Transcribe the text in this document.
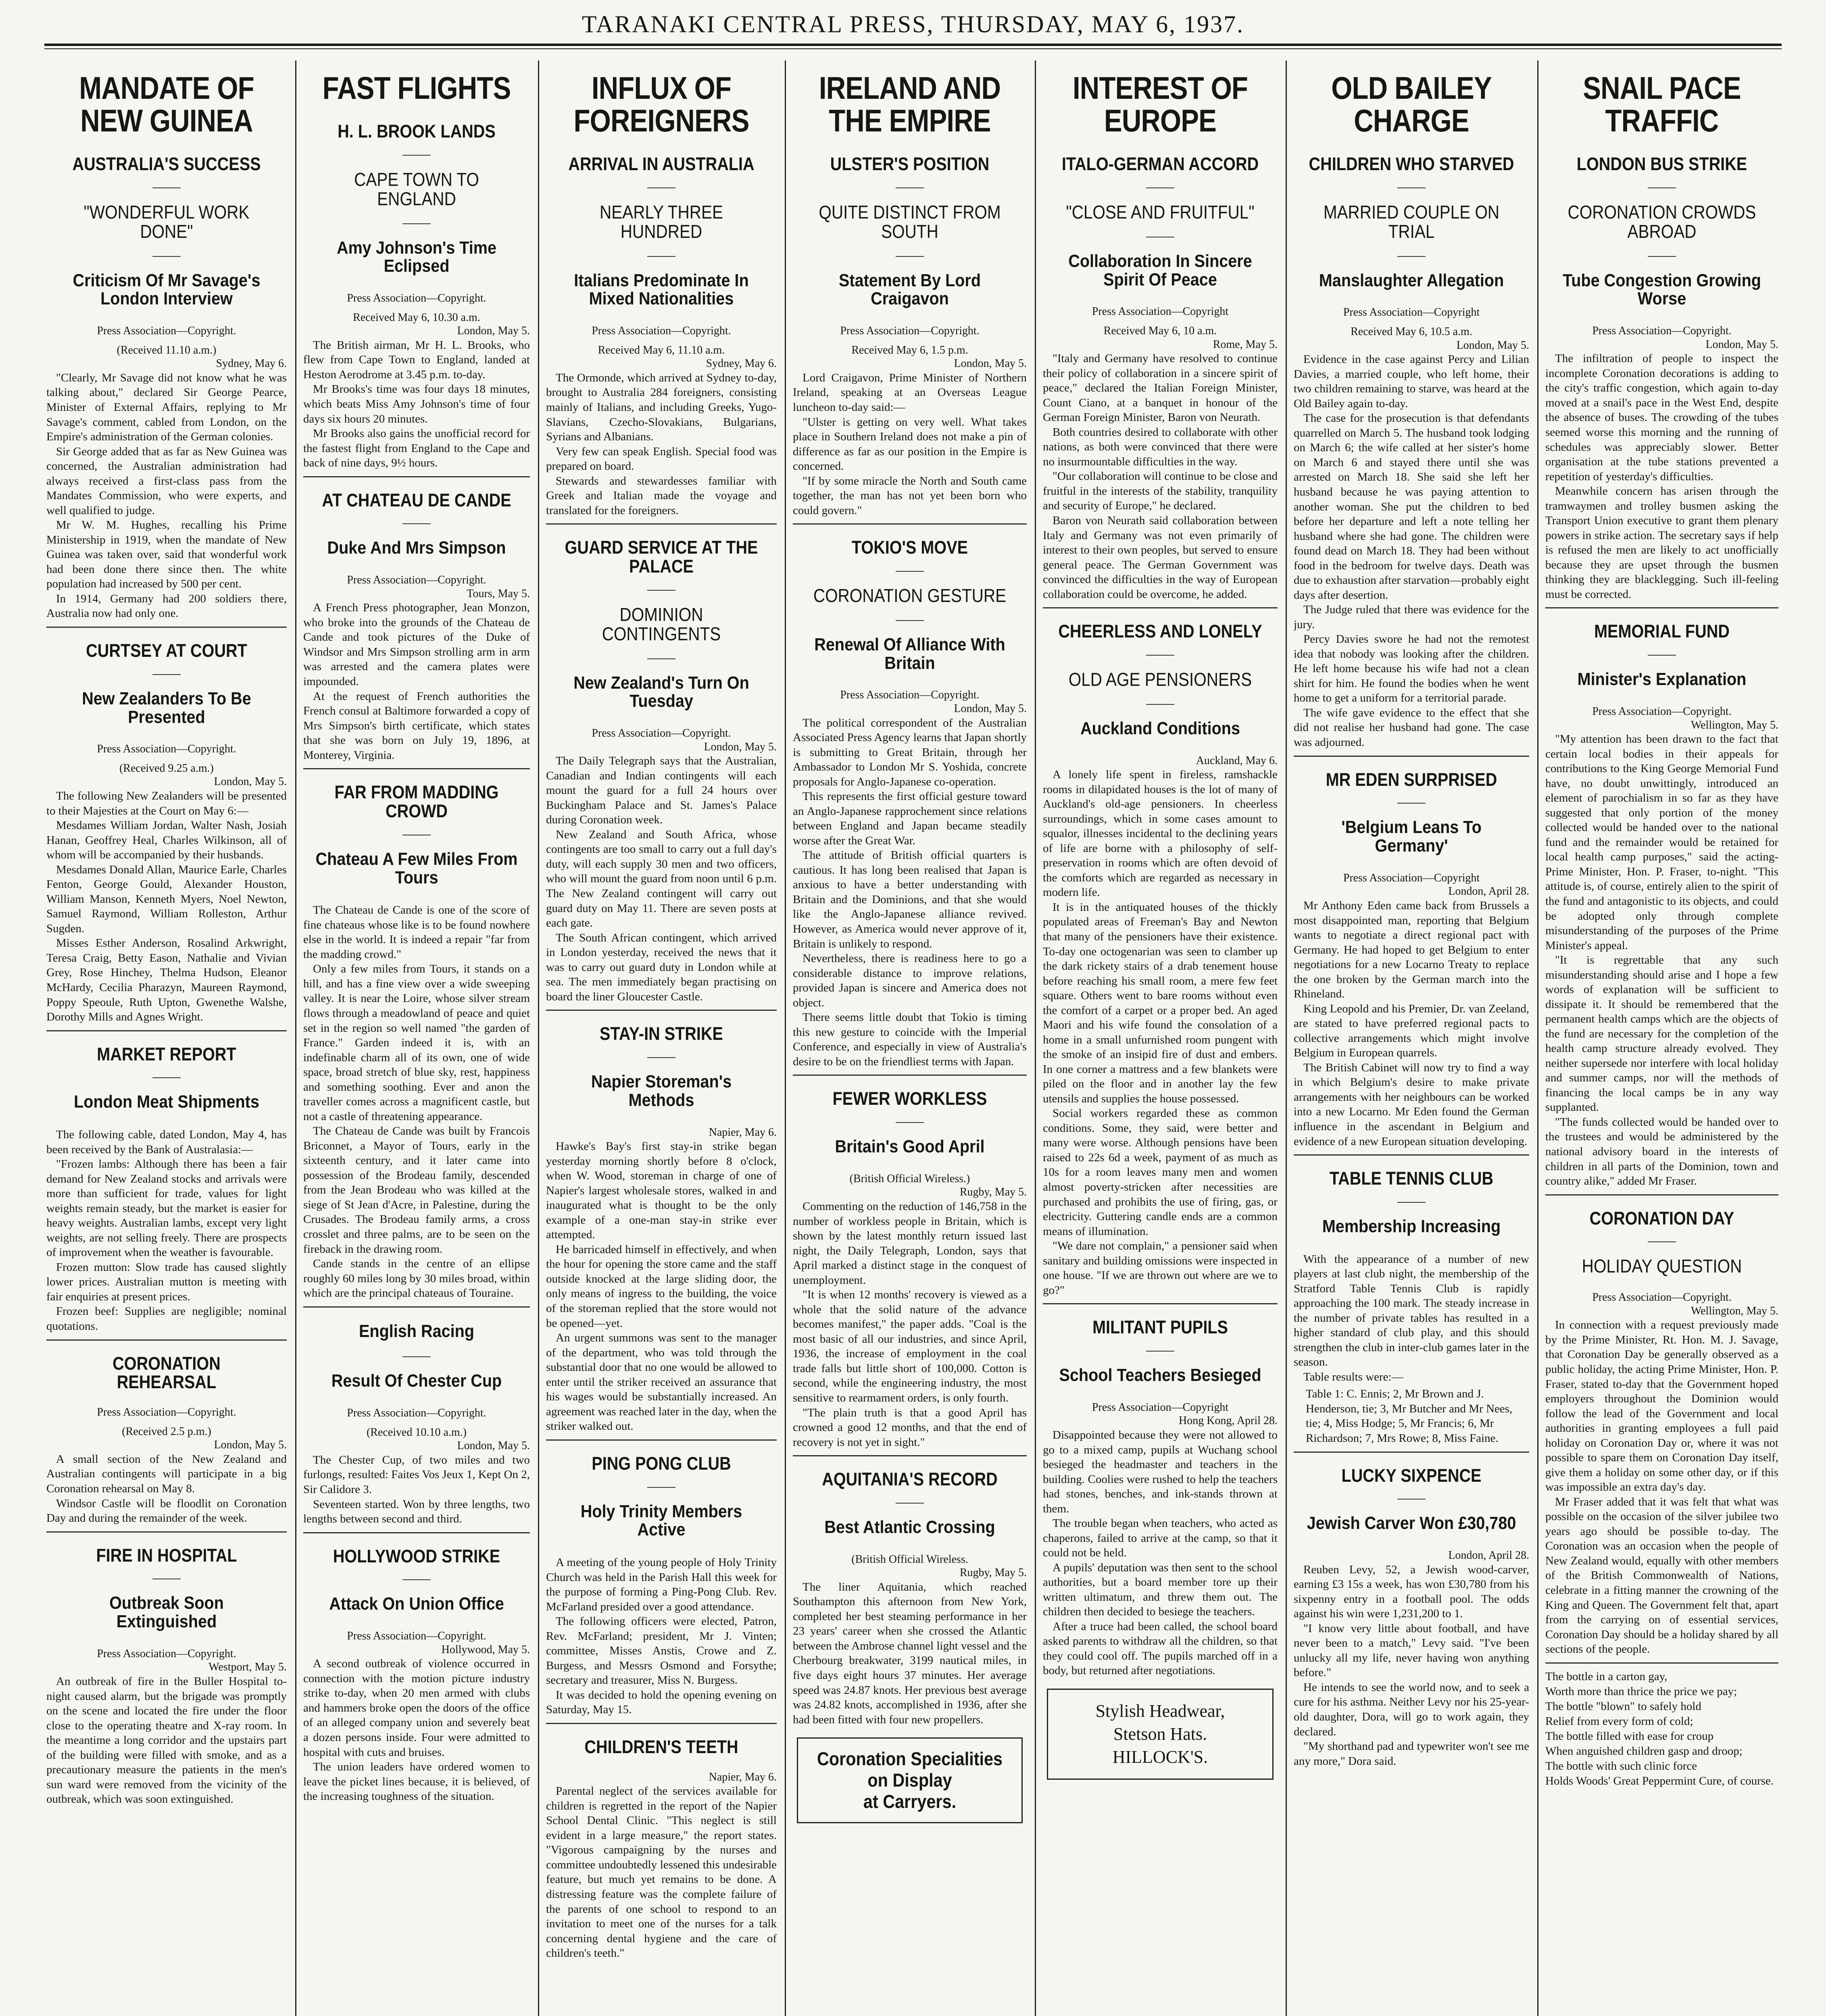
TARANAKI CENTRAL PRESS, THURSDAY, MAY 6, 1937.
MANDATE OF NEW GUINEA
AUSTRALIA'S SUCCESS
"WONDERFUL WORK DONE"
Criticism Of Mr Savage's London Interview
Press Association—Copyright.
(Received 11.10 a.m.)
Sydney, May 6.

"Clearly, Mr Savage did not know what he was talking about," declared Sir George Pearce, Minister of External Affairs, replying to Mr Savage's comment, cabled from London, on the Empire's administration of the German colonies.

Sir George added that as far as New Guinea was concerned, the Australian administration had always received a first-class pass from the Mandates Commission, who were experts, and well qualified to judge.

Mr W. M. Hughes, recalling his Prime Ministership in 1919, when the mandate of New Guinea was taken over, said that wonderful work had been done there since then. The white population had increased by 500 per cent.

In 1914, Germany had 200 soldiers there, Australia now had only one.

CURTSEY AT COURT
New Zealanders To Be Presented
Press Association—Copyright.
(Received 9.25 a.m.)
London, May 5.

The following New Zealanders will be presented to their Majesties at the Court on May 6:—

Mesdames William Jordan, Walter Nash, Josiah Hanan, Geoffrey Heal, Charles Wilkinson, all of whom will be accompanied by their husbands.

Mesdames Donald Allan, Maurice Earle, Charles Fenton, George Gould, Alexander Houston, William Manson, Kenneth Myers, Noel Newton, Samuel Raymond, William Rolleston, Arthur Sugden.

Misses Esther Anderson, Rosalind Arkwright, Teresa Craig, Betty Eason, Nathalie and Vivian Grey, Rose Hinchey, Thelma Hudson, Eleanor McHardy, Cecilia Pharazyn, Maureen Raymond, Poppy Speoule, Ruth Upton, Gwenethe Walshe, Dorothy Mills and Agnes Wright.

MARKET REPORT
London Meat Shipments

The following cable, dated London, May 4, has been received by the Bank of Australasia:—

"Frozen lambs: Although there has been a fair demand for New Zealand stocks and arrivals were more than sufficient for trade, values for light weights remain steady, but the market is easier for heavy weights. Australian lambs, except very light weights, are not selling freely. There are prospects of improvement when the weather is favourable.

Frozen mutton: Slow trade has caused slightly lower prices. Australian mutton is meeting with fair enquiries at present prices.

Frozen beef: Supplies are negligible; nominal quotations.

CORONATION REHEARSAL
Press Association—Copyright.
(Received 2.5 p.m.)
London, May 5.

A small section of the New Zealand and Australian contingents will participate in a big Coronation rehearsal on May 8.

Windsor Castle will be floodlit on Coronation Day and during the remainder of the week.

FIRE IN HOSPITAL
Outbreak Soon Extinguished
Press Association—Copyright.
Westport, May 5.

An outbreak of fire in the Buller Hospital to-night caused alarm, but the brigade was promptly on the scene and located the fire under the floor close to the operating theatre and X-ray room. In the meantime a long corridor and the upstairs part of the building were filled with smoke, and as a precautionary measure the patients in the men's sun ward were removed from the vicinity of the outbreak, which was soon extinguished.

FAST FLIGHTS
H. L. BROOK LANDS
CAPE TOWN TO ENGLAND
Amy Johnson's Time Eclipsed
Press Association—Copyright.
Received May 6, 10.30 a.m.
London, May 5.

The British airman, Mr H. L. Brooks, who flew from Cape Town to England, landed at Heston Aerodrome at 3.45 p.m. to-day.

Mr Brooks's time was four days 18 minutes, which beats Miss Amy Johnson's time of four days six hours 20 minutes.

Mr Brooks also gains the unofficial record for the fastest flight from England to the Cape and back of nine days, 9½ hours.

AT CHATEAU DE CANDE
Duke And Mrs Simpson
Press Association—Copyright.
Tours, May 5.

A French Press photographer, Jean Monzon, who broke into the grounds of the Chateau de Cande and took pictures of the Duke of Windsor and Mrs Simpson strolling arm in arm was arrested and the camera plates were impounded.

At the request of French authorities the French consul at Baltimore forwarded a copy of Mrs Simpson's birth certificate, which states that she was born on July 19, 1896, at Monterey, Virginia.

FAR FROM MADDING CROWD
Chateau A Few Miles From Tours

The Chateau de Cande is one of the score of fine chateaus whose like is to be found nowhere else in the world. It is indeed a repair "far from the madding crowd."

Only a few miles from Tours, it stands on a hill, and has a fine view over a wide sweeping valley. It is near the Loire, whose silver stream flows through a meadowland of peace and quiet set in the region so well named "the garden of France." Garden indeed it is, with an indefinable charm all of its own, one of wide space, broad stretch of blue sky, rest, happiness and something soothing. Ever and anon the traveller comes across a magnificent castle, but not a castle of threatening appearance.

The Chateau de Cande was built by Francois Briconnet, a Mayor of Tours, early in the sixteenth century, and it later came into possession of the Brodeau family, descended from the Jean Brodeau who was killed at the siege of St Jean d'Acre, in Palestine, during the Crusades. The Brodeau family arms, a cross crosslet and three palms, are to be seen on the fireback in the drawing room.

Cande stands in the centre of an ellipse roughly 60 miles long by 30 miles broad, within which are the principal chateaus of Touraine.

English Racing
Result Of Chester Cup
Press Association—Copyright.
(Received 10.10 a.m.)
London, May 5.

The Chester Cup, of two miles and two furlongs, resulted: Faites Vos Jeux 1, Kept On 2, Sir Calidore 3.

Seventeen started. Won by three lengths, two lengths between second and third.

HOLLYWOOD STRIKE
Attack On Union Office
Press Association—Copyright.
Hollywood, May 5.

A second outbreak of violence occurred in connection with the motion picture industry strike to-day, when 20 men armed with clubs and hammers broke open the doors of the office of an alleged company union and severely beat a dozen persons inside. Four were admitted to hospital with cuts and bruises.

The union leaders have ordered women to leave the picket lines because, it is believed, of the increasing toughness of the situation.

INFLUX OF FOREIGNERS
ARRIVAL IN AUSTRALIA
NEARLY THREE HUNDRED
Italians Predominate In Mixed Nationalities
Press Association—Copyright.
Received May 6, 11.10 a.m.
Sydney, May 6.

The Ormonde, which arrived at Sydney to-day, brought to Australia 284 foreigners, consisting mainly of Italians, and including Greeks, Yugo-Slavians, Czecho-Slovakians, Bulgarians, Syrians and Albanians.

Very few can speak English. Special food was prepared on board.

Stewards and stewardesses familiar with Greek and Italian made the voyage and translated for the foreigners.

GUARD SERVICE AT THE PALACE
DOMINION CONTINGENTS
New Zealand's Turn On Tuesday
Press Association—Copyright.
London, May 5.

The Daily Telegraph says that the Australian, Canadian and Indian contingents will each mount the guard for a full 24 hours over Buckingham Palace and St. James's Palace during Coronation week.

New Zealand and South Africa, whose contingents are too small to carry out a full day's duty, will each supply 30 men and two officers, who will mount the guard from noon until 6 p.m. The New Zealand contingent will carry out guard duty on May 11. There are seven posts at each gate.

The South African contingent, which arrived in London yesterday, received the news that it was to carry out guard duty in London while at sea. The men immediately began practising on board the liner Gloucester Castle.

STAY-IN STRIKE
Napier Storeman's Methods
Napier, May 6.

Hawke's Bay's first stay-in strike began yesterday morning shortly before 8 o'clock, when W. Wood, storeman in charge of one of Napier's largest wholesale stores, walked in and inaugurated what is thought to be the only example of a one-man stay-in strike ever attempted.

He barricaded himself in effectively, and when the hour for opening the store came and the staff outside knocked at the large sliding door, the only means of ingress to the building, the voice of the storeman replied that the store would not be opened—yet.

An urgent summons was sent to the manager of the department, who was told through the substantial door that no one would be allowed to enter until the striker received an assurance that his wages would be substantially increased. An agreement was reached later in the day, when the striker walked out.

PING PONG CLUB
Holy Trinity Members Active

A meeting of the young people of Holy Trinity Church was held in the Parish Hall this week for the purpose of forming a Ping-Pong Club. Rev. McFarland presided over a good attendance.

The following officers were elected, Patron, Rev. McFarland; president, Mr J. Vinten; committee, Misses Anstis, Crowe and Z. Burgess, and Messrs Osmond and Forsythe; secretary and treasurer, Miss N. Burgess.

It was decided to hold the opening evening on Saturday, May 15.

CHILDREN'S TEETH
Napier, May 6.

Parental neglect of the services available for children is regretted in the report of the Napier School Dental Clinic. "This neglect is still evident in a large measure," the report states. "Vigorous campaigning by the nurses and committee undoubtedly lessened this undesirable feature, but much yet remains to be done. A distressing feature was the complete failure of the parents of one school to respond to an invitation to meet one of the nurses for a talk concerning dental hygiene and the care of children's teeth."

IRELAND AND THE EMPIRE
ULSTER'S POSITION
QUITE DISTINCT FROM SOUTH
Statement By Lord Craigavon
Press Association—Copyright.
Received May 6, 1.5 p.m.
London, May 5.

Lord Craigavon, Prime Minister of Northern Ireland, speaking at an Overseas League luncheon to-day said:—

"Ulster is getting on very well. What takes place in Southern Ireland does not make a pin of difference as far as our position in the Empire is concerned.

"If by some miracle the North and South came together, the man has not yet been born who could govern."

TOKIO'S MOVE
CORONATION GESTURE
Renewal Of Alliance With Britain
Press Association—Copyright.
London, May 5.

The political correspondent of the Australian Associated Press Agency learns that Japan shortly is submitting to Great Britain, through her Ambassador to London Mr S. Yoshida, concrete proposals for Anglo-Japanese co-operation.

This represents the first official gesture toward an Anglo-Japanese rapprochement since relations between England and Japan became steadily worse after the Great War.

The attitude of British official quarters is cautious. It has long been realised that Japan is anxious to have a better understanding with Britain and the Dominions, and that she would like the Anglo-Japanese alliance revived. However, as America would never approve of it, Britain is unlikely to respond.

Nevertheless, there is readiness here to go a considerable distance to improve relations, provided Japan is sincere and America does not object.

There seems little doubt that Tokio is timing this new gesture to coincide with the Imperial Conference, and especially in view of Australia's desire to be on the friendliest terms with Japan.

FEWER WORKLESS
Britain's Good April
(British Official Wireless.)
Rugby, May 5.

Commenting on the reduction of 146,758 in the number of workless people in Britain, which is shown by the latest monthly return issued last night, the Daily Telegraph, London, says that April marked a distinct stage in the conquest of unemployment.

"It is when 12 months' recovery is viewed as a whole that the solid nature of the advance becomes manifest," the paper adds. "Coal is the most basic of all our industries, and since April, 1936, the increase of employment in the coal trade falls but little short of 100,000. Cotton is second, while the engineering industry, the most sensitive to rearmament orders, is only fourth.

"The plain truth is that a good April has crowned a good 12 months, and that the end of recovery is not yet in sight."

AQUITANIA'S RECORD
Best Atlantic Crossing
(British Official Wireless.
Rugby, May 5.

The liner Aquitania, which reached Southampton this afternoon from New York, completed her best steaming performance in her 23 years' career when she crossed the Atlantic between the Ambrose channel light vessel and the Cherbourg breakwater, 3199 nautical miles, in five days eight hours 37 minutes. Her average speed was 24.87 knots. Her previous best average was 24.82 knots, accomplished in 1936, after she had been fitted with four new propellers.

Coronation Specialities on Display
at Carryers.
INTEREST OF EUROPE
ITALO-GERMAN ACCORD
"CLOSE AND FRUITFUL"
Collaboration In Sincere Spirit Of Peace
Press Association—Copyright
Received May 6, 10 a.m.
Rome, May 5.

"Italy and Germany have resolved to continue their policy of collaboration in a sincere spirit of peace," declared the Italian Foreign Minister, Count Ciano, at a banquet in honour of the German Foreign Minister, Baron von Neurath.

Both countries desired to collaborate with other nations, as both were convinced that there were no insurmountable difficulties in the way.

"Our collaboration will continue to be close and fruitful in the interests of the stability, tranquility and security of Europe," he declared.

Baron von Neurath said collaboration between Italy and Germany was not even primarily of interest to their own peoples, but served to ensure general peace. The German Government was convinced the difficulties in the way of European collaboration could be overcome, he added.

CHEERLESS AND LONELY
OLD AGE PENSIONERS
Auckland Conditions
Auckland, May 6.

A lonely life spent in fireless, ramshackle rooms in dilapidated houses is the lot of many of Auckland's old-age pensioners. In cheerless surroundings, which in some cases amount to squalor, illnesses incidental to the declining years of life are borne with a philosophy of self-preservation in rooms which are often devoid of the comforts which are regarded as necessary in modern life.

It is in the antiquated houses of the thickly populated areas of Freeman's Bay and Newton that many of the pensioners have their existence. To-day one octogenarian was seen to clamber up the dark rickety stairs of a drab tenement house before reaching his small room, a mere few feet square. Others went to bare rooms without even the comfort of a carpet or a proper bed. An aged Maori and his wife found the consolation of a home in a small unfurnished room pungent with the smoke of an insipid fire of dust and embers. In one corner a mattress and a few blankets were piled on the floor and in another lay the few utensils and supplies the house possessed.

Social workers regarded these as common conditions. Some, they said, were better and many were worse. Although pensions have been raised to 22s 6d a week, payment of as much as 10s for a room leaves many men and women almost poverty-stricken after necessities are purchased and prohibits the use of firing, gas, or electricity. Guttering candle ends are a common means of illumination.

"We dare not complain," a pensioner said when sanitary and building omissions were inspected in one house. "If we are thrown out where are we to go?"

MILITANT PUPILS
School Teachers Besieged
Press Association—Copyright
Hong Kong, April 28.

Disappointed because they were not allowed to go to a mixed camp, pupils at Wuchang school besieged the headmaster and teachers in the building. Coolies were rushed to help the teachers had stones, benches, and ink-stands thrown at them.

The trouble began when teachers, who acted as chaperons, failed to arrive at the camp, so that it could not be held.

A pupils' deputation was then sent to the school authorities, but a board member tore up their written ultimatum, and threw them out. The children then decided to besiege the teachers.

After a truce had been called, the school board asked parents to withdraw all the children, so that they could cool off. The pupils marched off in a body, but returned after negotiations.

Stylish Headwear,
Stetson Hats.
HILLOCK'S.
OLD BAILEY CHARGE
CHILDREN WHO STARVED
MARRIED COUPLE ON TRIAL
Manslaughter Allegation
Press Association—Copyright
Received May 6, 10.5 a.m.
London, May 5.

Evidence in the case against Percy and Lilian Davies, a married couple, who left home, their two children remaining to starve, was heard at the Old Bailey again to-day.

The case for the prosecution is that defendants quarrelled on March 5. The husband took lodging on March 6; the wife called at her sister's home on March 6 and stayed there until she was arrested on March 18. She said she left her husband because he was paying attention to another woman. She put the children to bed before her departure and left a note telling her husband where she had gone. The children were found dead on March 18. They had been without food in the bedroom for twelve days. Death was due to exhaustion after starvation—probably eight days after desertion.

The Judge ruled that there was evidence for the jury.

Percy Davies swore he had not the remotest idea that nobody was looking after the children. He left home because his wife had not a clean shirt for him. He found the bodies when he went home to get a uniform for a territorial parade.

The wife gave evidence to the effect that she did not realise her husband had gone. The case was adjourned.

MR EDEN SURPRISED
'Belgium Leans To Germany'
Press Association—Copyright
London, April 28.

Mr Anthony Eden came back from Brussels a most disappointed man, reporting that Belgium wants to negotiate a direct regional pact with Germany. He had hoped to get Belgium to enter negotiations for a new Locarno Treaty to replace the one broken by the German march into the Rhineland.

King Leopold and his Premier, Dr. van Zeeland, are stated to have preferred regional pacts to collective arrangements which might involve Belgium in European quarrels.

The British Cabinet will now try to find a way in which Belgium's desire to make private arrangements with her neighbours can be worked into a new Locarno. Mr Eden found the German influence in the ascendant in Belgium and evidence of a new European situation developing.

TABLE TENNIS CLUB
Membership Increasing

With the appearance of a number of new players at last club night, the membership of the Stratford Table Tennis Club is rapidly approaching the 100 mark. The steady increase in the number of private tables has resulted in a higher standard of club play, and this should strengthen the club in inter-club games later in the season.

Table results were:—

Table 1: C. Ennis; 2, Mr Brown and J. Henderson, tie; 3, Mr Butcher and Mr Nees, tie; 4, Miss Hodge; 5, Mr Francis; 6, Mr Richardson; 7, Mrs Rowe; 8, Miss Faine.
LUCKY SIXPENCE
Jewish Carver Won £30,780
London, April 28.

Reuben Levy, 52, a Jewish wood-carver, earning £3 15s a week, has won £30,780 from his sixpenny entry in a football pool. The odds against his win were 1,231,200 to 1.

"I know very little about football, and have never been to a match," Levy said. "I've been unlucky all my life, never having won anything before."

He intends to see the world now, and to seek a cure for his asthma. Neither Levy nor his 25-year-old daughter, Dora, will go to work again, they declared.

"My shorthand pad and typewriter won't see me any more," Dora said.

SNAIL PACE TRAFFIC
LONDON BUS STRIKE
CORONATION CROWDS ABROAD
Tube Congestion Growing Worse
Press Association—Copyright.
London, May 5.

The infiltration of people to inspect the incomplete Coronation decorations is adding to the city's traffic congestion, which again to-day moved at a snail's pace in the West End, despite the absence of buses. The crowding of the tubes seemed worse this morning and the running of schedules was appreciably slower. Better organisation at the tube stations prevented a repetition of yesterday's difficulties.

Meanwhile concern has arisen through the tramwaymen and trolley busmen asking the Transport Union executive to grant them plenary powers in strike action. The secretary says if help is refused the men are likely to act unofficially because they are upset through the busmen thinking they are blacklegging. Such ill-feeling must be corrected.

MEMORIAL FUND
Minister's Explanation
Press Association—Copyright.
Wellington, May 5.

"My attention has been drawn to the fact that certain local bodies in their appeals for contributions to the King George Memorial Fund have, no doubt unwittingly, introduced an element of parochialism in so far as they have suggested that only portion of the money collected would be handed over to the national fund and the remainder would be retained for local health camp purposes," said the acting-Prime Minister, Hon. P. Fraser, to-night. "This attitude is, of course, entirely alien to the spirit of the fund and antagonistic to its objects, and could be adopted only through complete misunderstanding of the purposes of the Prime Minister's appeal.

"It is regrettable that any such misunderstanding should arise and I hope a few words of explanation will be sufficient to dissipate it. It should be remembered that the permanent health camps which are the objects of the fund are necessary for the completion of the health camp structure already evolved. They neither supersede nor interfere with local holiday and summer camps, nor will the methods of financing the local camps be in any way supplanted.

"The funds collected would be handed over to the trustees and would be administered by the national advisory board in the interests of children in all parts of the Dominion, town and country alike," added Mr Fraser.

CORONATION DAY
HOLIDAY QUESTION
Press Association—Copyright.
Wellington, May 5.

In connection with a request previously made by the Prime Minister, Rt. Hon. M. J. Savage, that Coronation Day be generally observed as a public holiday, the acting Prime Minister, Hon. P. Fraser, stated to-day that the Government hoped employers throughout the Dominion would follow the lead of the Government and local authorities in granting employees a full paid holiday on Coronation Day or, where it was not possible to spare them on Coronation Day itself, give them a holiday on some other day, or if this was impossible an extra day's day.

Mr Fraser added that it was felt that what was possible on the occasion of the silver jubilee two years ago should be possible to-day. The Coronation was an occasion when the people of New Zealand would, equally with other members of the British Commonwealth of Nations, celebrate in a fitting manner the crowning of the King and Queen. The Government felt that, apart from the carrying on of essential services, Coronation Day should be a holiday shared by all sections of the people.

The bottle in a carton gay,

Worth more than thrice the price we pay;

The bottle "blown" to safely hold

Relief from every form of cold;

The bottle filled with ease for croup

When anguished children gasp and droop;

The bottle with such clinic force

Holds Woods' Great Peppermint Cure, of course.
